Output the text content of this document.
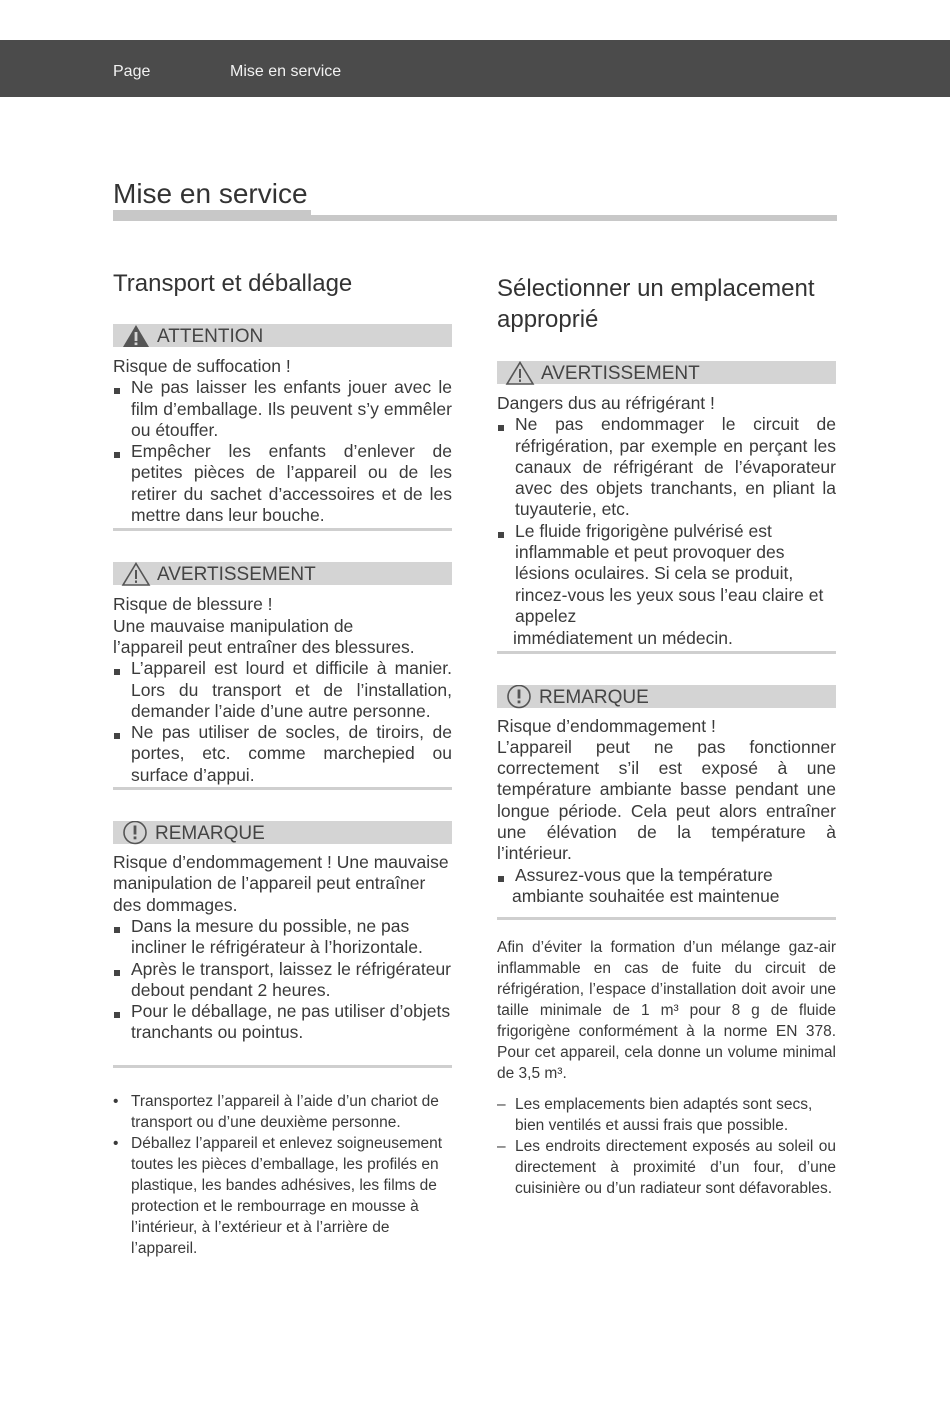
Page	Mise en service
Mise en service
Transport et déballage
ATTENTION

Risque de suffocation !

Ne pas laisser les enfants jouer avec le film d’emballage. Ils peuvent s’y emmêler ou étouffer.
Empêcher les enfants d’enlever de petites pièces de l’appareil ou de les retirer du sachet d’accessoires et de les mettre dans leur bouche.
AVERTISSEMENT

Risque de blessure !

Une mauvaise manipulation de

l’appareil peut entraîner des blessures.

L’appareil est lourd et difficile à manier. Lors du transport et de l’installation, demander l’aide d’une autre personne.
Ne pas utiliser de socles, de tiroirs, de portes, etc. comme marchepied ou surface d’appui.
REMARQUE

Risque d’endommagement ! Une mauvaise manipulation de l’appareil peut entraîner des dommages.

Dans la mesure du possible, ne pas incliner le réfrigérateur à l’horizontale.
Après le transport, laissez le réfrigérateur debout pendant 2 heures.
Pour le déballage, ne pas utiliser d’objets tranchants ou pointus.
• Transportez l’appareil à l’aide d’un chariot de transport ou d’une deuxième personne.
• Déballez l’appareil et enlevez soigneusement toutes les pièces d’emballage, les profilés en plastique, les bandes adhésives, les films de protection et le rembourrage en mousse à l’intérieur, à l’extérieur et à l’arrière de l’appareil.
Sélectionner un emplacement approprié
AVERTISSEMENT

Dangers dus au réfrigérant !

Ne pas endommager le circuit de réfrigération, par exemple en perçant les canaux de réfrigérant de l’évaporateur avec des objets tranchants, en pliant la tuyauterie, etc.
Le fluide frigorigène pulvérisé est inflammable et peut provoquer des lésions oculaires. Si cela se produit, rincez-vous les yeux sous l’eau claire et appelez

immédiatement un médecin.

REMARQUE

Risque d’endommagement !

L’appareil peut ne pas fonctionner correctement s’il est exposé à une température ambiante basse pendant une longue période. Cela peut alors entraîner une élévation de la température à l’intérieur.

Assurez-vous que la température

ambiante souhaitée est maintenue

Afin d’éviter la formation d’un mélange gaz-air inflammable en cas de fuite du circuit de réfrigération, l’espace d’installation doit avoir une taille minimale de 1 m³ pour 8 g de fluide frigorigène conformément à la norme EN 378. Pour cet appareil, cela donne un volume minimal de 3,5 m³.

– Les emplacements bien adaptés sont secs, bien ventilés et aussi frais que possible.
– Les endroits directement exposés au soleil ou directement à proximité d’un four, d’une cuisinière ou d’un radiateur sont défavorables.
